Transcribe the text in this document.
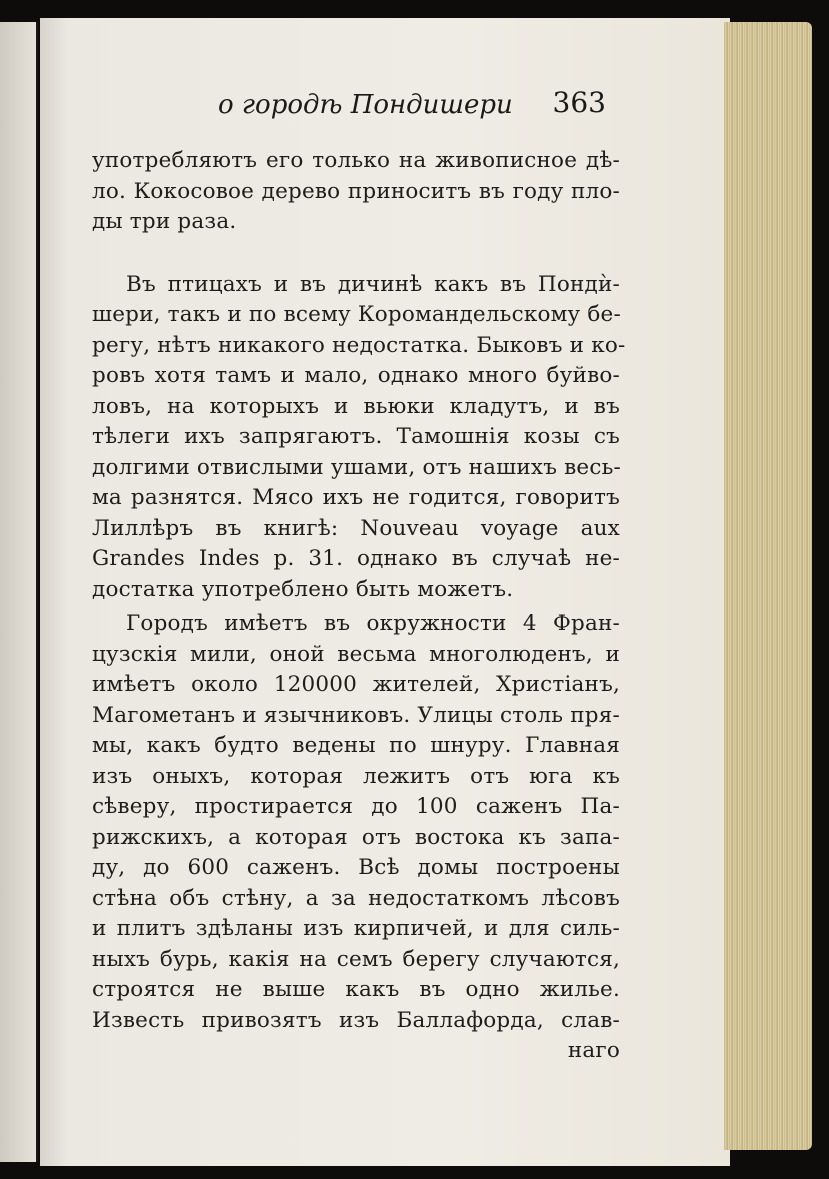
о городѣ Пондишери 363
употребляютъ его только на живописное дѣ-
ло. Кокосовое дерево приноситъ въ году пло-
ды три раза.
Въ птицахъ и въ дичинѣ какъ въ Пондѝ-
шери, такъ и по всему Коромандельскому бе-
регу, нѣтъ никакого недостатка. Быковъ и ко-
ровъ хотя тамъ и мало, однако много буйво-
ловъ, на которыхъ и вьюки кладутъ, и въ
тѣлеги ихъ запрягаютъ. Тамошнія козы съ
долгими отвислыми ушами, отъ нашихъ весь-
ма разнятся. Мясо ихъ не годится, говоритъ
Лиллѣръ въ книгѣ: Nouveau voyage aux
Grandes Indes p. 31. однако въ случаѣ не-
достатка употреблено быть можетъ.
Городъ имѣетъ въ окружности 4 Фран-
цузскія мили, оной весьма многолюденъ, и
имѣетъ около 120000 жителей, Христіанъ,
Магометанъ и язычниковъ. Улицы столь пря-
мы, какъ будто ведены по шнуру. Главная
изъ оныхъ, которая лежитъ отъ юга къ
сѣверу, простирается до 100 саженъ Па-
рижскихъ, а которая отъ востока къ запа-
ду, до 600 саженъ. Всѣ домы построены
стѣна объ стѣну, а за недостаткомъ лѣсовъ
и плитъ здѣланы изъ кирпичей, и для силь-
ныхъ бурь, какія на семъ берегу случаются,
строятся не выше какъ въ одно жилье.
Известь привозятъ изъ Баллафорда, слав-
наго
